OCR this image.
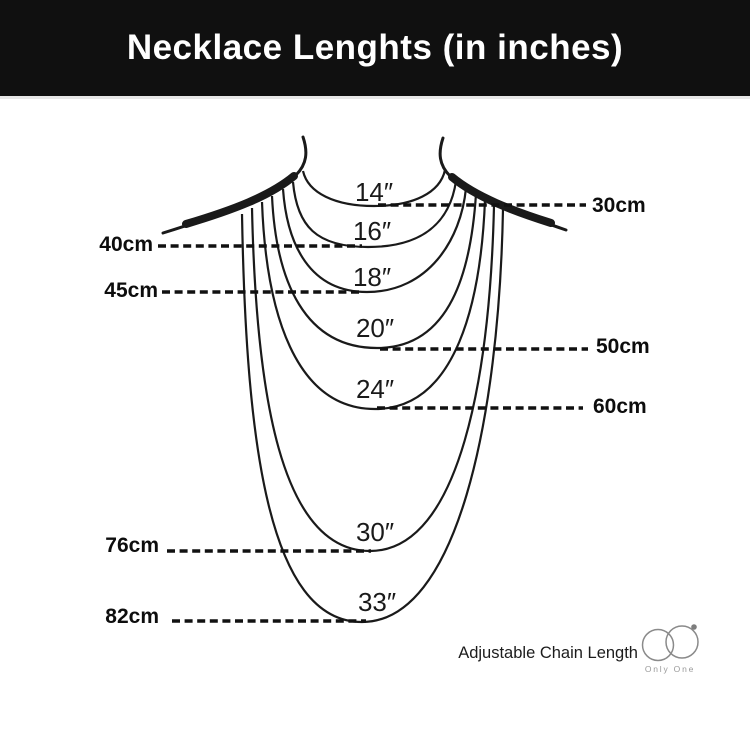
Necklace Lenghts (in inches)
14″
16″
18″
20″
24″
30″
33″
30cm
40cm
45cm
50cm
60cm
76cm
82cm
Adjustable Chain Length
Only One
